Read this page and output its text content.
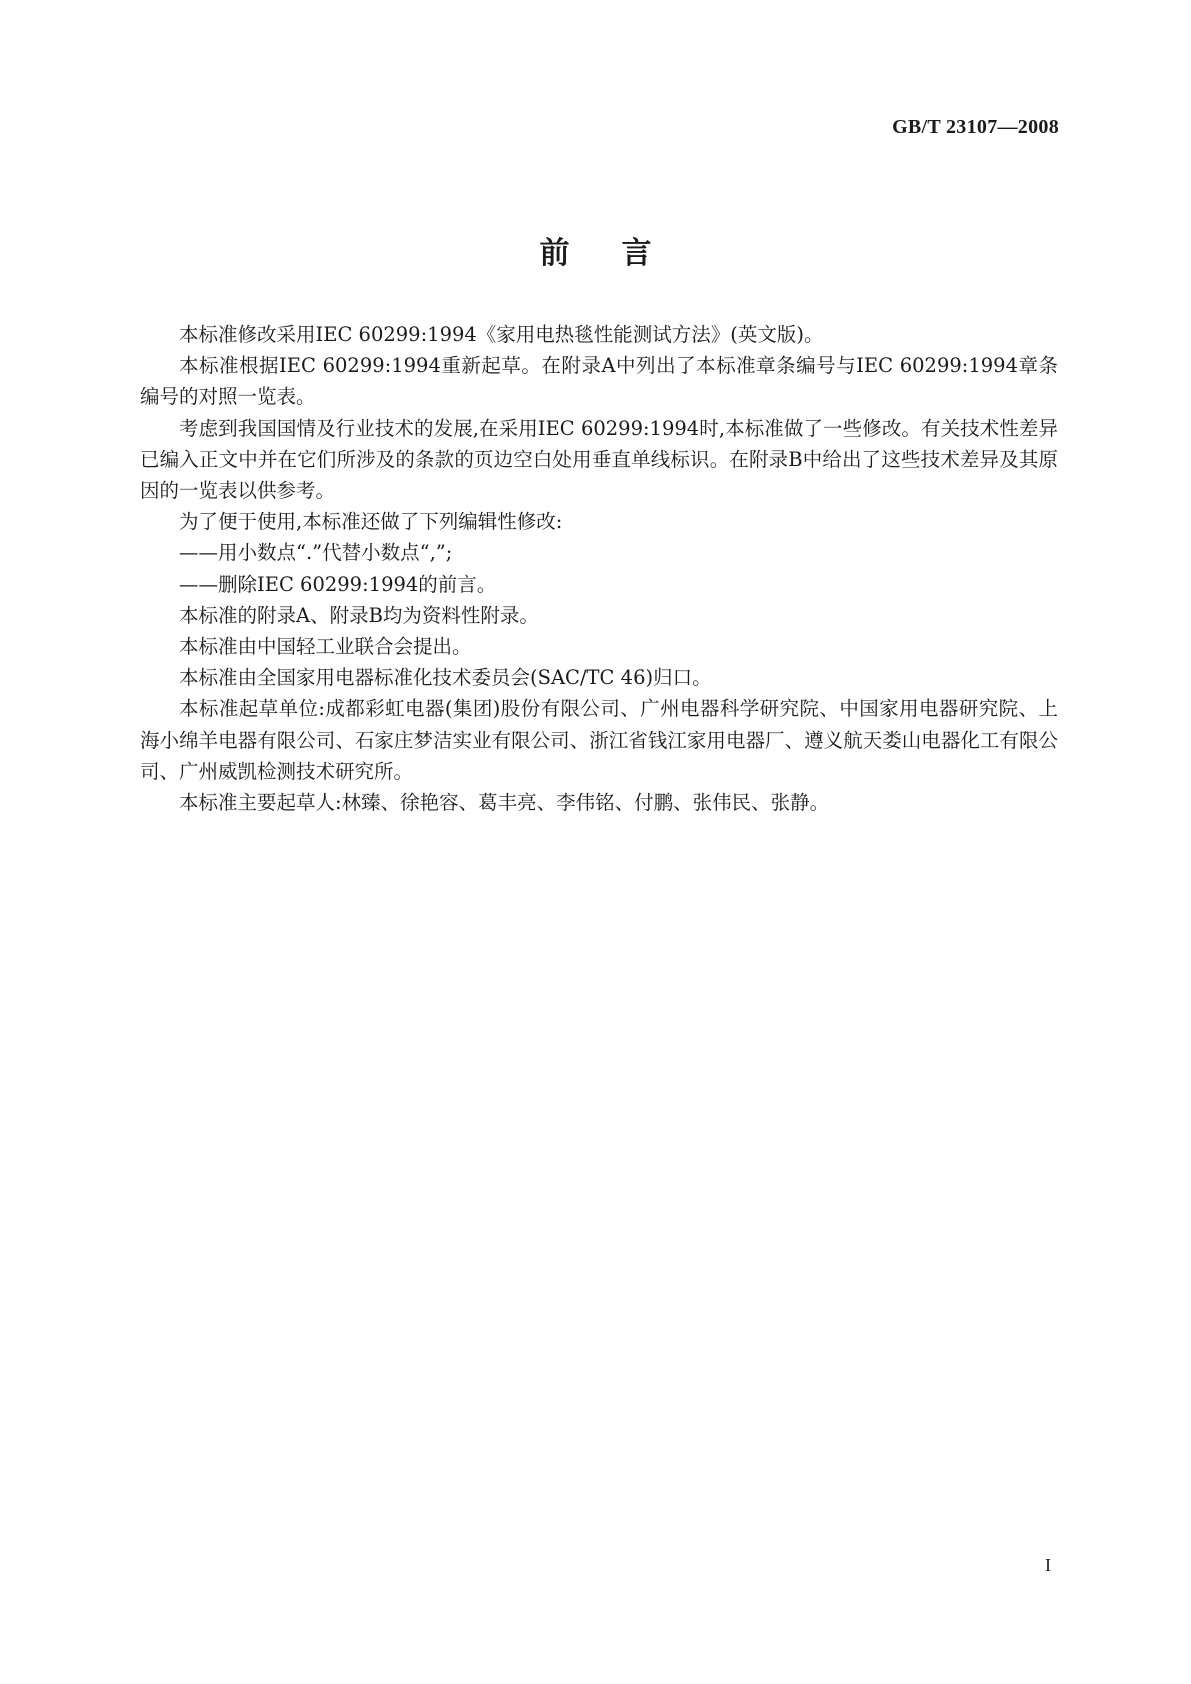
GB/T 23107—2008
前言

本标准修改采用IEC 60299:1994《家用电热毯性能测试方法》(英文版)。

本标准根据IEC 60299:1994重新起草。在附录A中列出了本标准章条编号与IEC 60299:1994章条编号的对照一览表。

考虑到我国国情及行业技术的发展,在采用IEC 60299:1994时,本标准做了一些修改。有关技术性差异已编入正文中并在它们所涉及的条款的页边空白处用垂直单线标识。在附录B中给出了这些技术差异及其原因的一览表以供参考。

为了便于使用,本标准还做了下列编辑性修改:

——用小数点“.”代替小数点“,”;

——删除IEC 60299:1994的前言。

本标准的附录A、附录B均为资料性附录。

本标准由中国轻工业联合会提出。

本标准由全国家用电器标准化技术委员会(SAC/TC 46)归口。

本标准起草单位:成都彩虹电器(集团)股份有限公司、广州电器科学研究院、中国家用电器研究院、上海小绵羊电器有限公司、石家庄梦洁实业有限公司、浙江省钱江家用电器厂、遵义航天娄山电器化工有限公司、广州威凯检测技术研究所。

本标准主要起草人:林臻、徐艳容、葛丰亮、李伟铭、付鹏、张伟民、张静。

I
